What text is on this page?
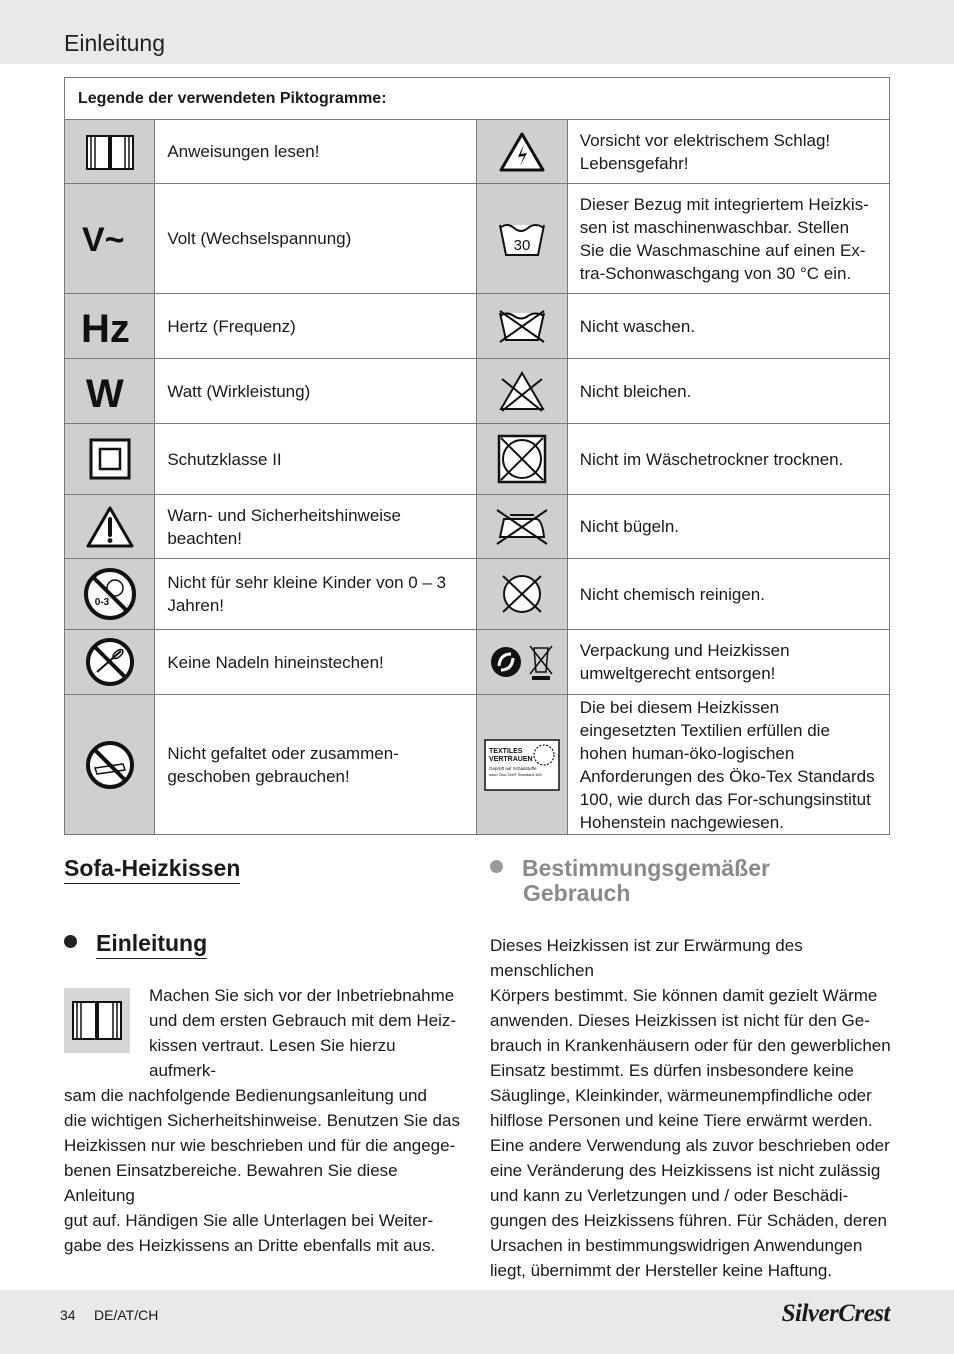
Einleitung
Legende der verwendeten Piktogramme:			

	Anweisungen lesen!		Vorsicht vor elektrischem Schlag! Lebensgefahr!

V~	Volt (Wechselspannung)	30	Dieser Bezug mit integriertem Heizkis-sen ist maschinenwaschbar. Stellen Sie die Waschmaschine auf einen Ex-tra-Schonwaschgang von 30 °C ein.

Hz	Hertz (Frequenz)		Nicht waschen.

W	Watt (Wirkleistung)		Nicht bleichen.

	Schutzklasse II		Nicht im Wäschetrockner trocknen.

	Warn- und Sicherheitshinweise beachten!		Nicht bügeln.

0-3	Nicht für sehr kleine Kinder von 0 – 3 Jahren!		Nicht chemisch reinigen.

	Keine Nadeln hineinstechen!		Verpackung und Heizkissen umweltgerecht entsorgen!

	Nicht gefaltet oder zusammen-geschoben gebrauchen!	TEXTILES
VERTRAUEN
Geprüft auf Schadstoffe
nach Öko-Tex® Standard 100	Die bei diesem Heizkissen eingesetzten Textilien erfüllen die hohen human-öko-logischen Anforderungen des Öko-Tex Standards 100, wie durch das For-schungsinstitut Hohenstein nachgewiesen.
Sofa-Heizkissen
Einleitung

Machen Sie sich vor der Inbetriebnahme
und dem ersten Gebrauch mit dem Heiz-
kissen vertraut. Lesen Sie hierzu aufmerk-
sam die nachfolgende Bedienungsanleitung und
die wichtigen Sicherheitshinweise. Benutzen Sie das
Heizkissen nur wie beschrieben und für die angege-
benen Einsatzbereiche. Bewahren Sie diese Anleitung
gut auf. Händigen Sie alle Unterlagen bei Weiter-
gabe des Heizkissens an Dritte ebenfalls mit aus.

Bestimmungsgemäßer
Gebrauch

Dieses Heizkissen ist zur Erwärmung des menschlichen
Körpers bestimmt. Sie können damit gezielt Wärme
anwenden. Dieses Heizkissen ist nicht für den Ge-
brauch in Krankenhäusern oder für den gewerblichen
Einsatz bestimmt. Es dürfen insbesondere keine
Säuglinge, Kleinkinder, wärmeunempfindliche oder
hilflose Personen und keine Tiere erwärmt werden.
Eine andere Verwendung als zuvor beschrieben oder
eine Veränderung des Heizkissens ist nicht zulässig
und kann zu Verletzungen und / oder Beschädi-
gungen des Heizkissens führen. Für Schäden, deren
Ursachen in bestimmungswidrigen Anwendungen
liegt, übernimmt der Hersteller keine Haftung.

34 DE/AT/CH	SilverCrest
